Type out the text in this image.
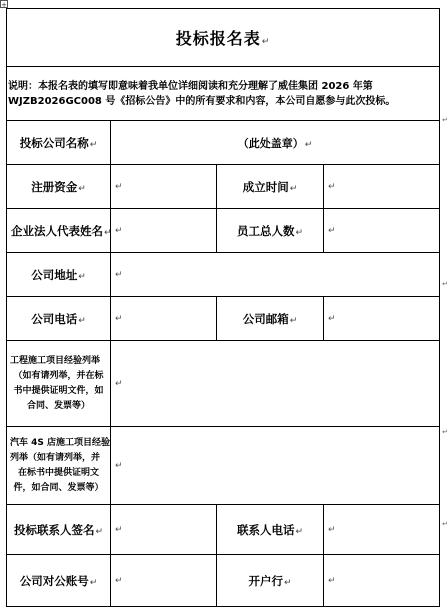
+
↵
↵
↵
↵
投标报名表↵			

说明：本报名表的填写即意味着我单位详细阅读和充分理解了威佳集团 2026 年第
WJZB2026GC008 号《招标公告》中的所有要求和内容，本公司自愿参与此次投标。			

投标公司名称↵	（此处盖章）↵		
注册资金↵	↵	成立时间↵	↵
企业法人代表姓名↵	↵	员工总人数↵	↵
公司地址↵	↵		
公司电话↵	↵	公司邮箱↵	↵

工程施工项目经验列举
（如有请列举，并在标
书中提供证明文件，如
合同、发票等）	↵		

汽车 4S 店施工项目经验
列举（如有请列举，并
在标书中提供证明文
件，如合同、发票等）	↵		
投标联系人签名↵	↵	联系人电话↵	↵
公司对公账号↵	↵	开户行↵	↵
